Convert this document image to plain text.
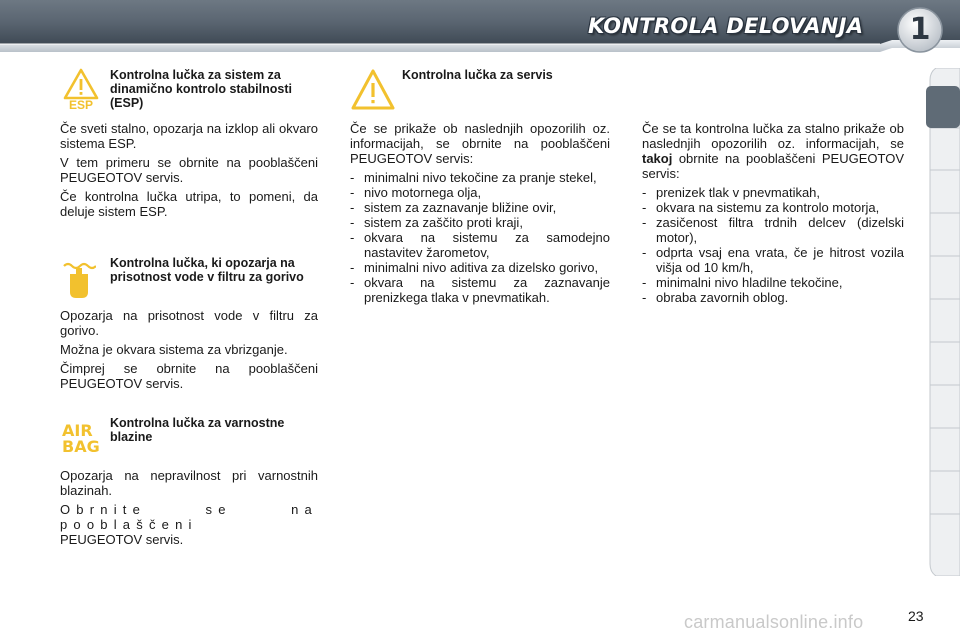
KONTROLA DELOVANJA	1
ESP
Kontrolna lučka za sistem za dinamično kontrolo stabilnosti (ESP)

Če sveti stalno, opozarja na izklop ali okvaro sistema ESP.

V tem primeru se obrnite na pooblaščeni PEUGEOTOV servis.

Če kontrolna lučka utripa, to pomeni, da deluje sistem ESP.

Kontrolna lučka, ki opozarja na prisotnost vode v filtru za gorivo

Opozarja na prisotnost vode v filtru za gorivo.

Možna je okvara sistema za vbrizganje.

Čimprej se obrnite na pooblaščeni PEUGEOTOV servis.

AIR
BAG
Kontrolna lučka za varnostne blazine

Opozarja na nepravilnost pri varnostnih blazinah.

Obrnite se na pooblaščeni
PEUGEOTOV servis.

Kontrolna lučka za servis

Če se prikaže ob naslednjih opozorilih oz. informacijah, se obrnite na pooblaščeni PEUGEOTOV servis:

- minimalni nivo tekočine za pranje stekel,
- nivo motornega olja,
- sistem za zaznavanje bližine ovir,
- sistem za zaščito proti kraji,
- okvara na sistemu za samodejno nastavitev žarometov,
- minimalni nivo aditiva za dizelsko gorivo,
- okvara na sistemu za zaznavanje prenizkega tlaka v pnevmatikah.

Če se ta kontrolna lučka za stalno prikaže ob naslednjih opozorilih oz. informacijah, se takoj obrnite na pooblaščeni PEUGEOTOV servis:

- prenizek tlak v pnevmatikah,
- okvara na sistemu za kontrolo motorja,
- zasičenost filtra trdnih delcev (dizelski motor),
- odprta vsaj ena vrata, če je hitrost vozila višja od 10 km/h,
- minimalni nivo hladilne tekočine,
- obraba zavornih oblog.
carmanualsonline.info	23
